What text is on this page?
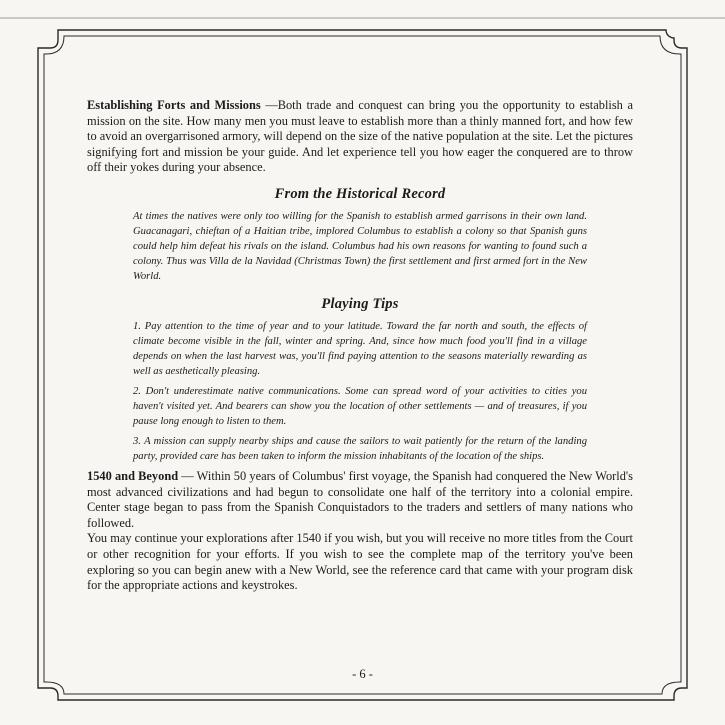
Establishing Forts and Missions —Both trade and conquest can bring you the opportunity to establish a mission on the site. How many men you must leave to establish more than a thinly manned fort, and how few to avoid an overgarrisoned armory, will depend on the size of the native population at the site. Let the pictures signifying fort and mission be your guide. And let experience tell you how eager the conquered are to throw off their yokes during your absence.

From the Historical Record

At times the natives were only too willing for the Spanish to establish armed garrisons in their own land. Guacanagari, chieftan of a Haitian tribe, implored Columbus to establish a colony so that Spanish guns could help him defeat his rivals on the island. Columbus had his own reasons for wanting to found such a colony. Thus was Villa de la Navidad (Christmas Town) the first settlement and first armed fort in the New World.

Playing Tips

1. Pay attention to the time of year and to your latitude. Toward the far north and south, the effects of climate become visible in the fall, winter and spring. And, since how much food you'll find in a village depends on when the last harvest was, you'll find paying attention to the seasons materially rewarding as well as aesthetically pleasing.

2. Don't underestimate native communications. Some can spread word of your activities to cities you haven't visited yet. And bearers can show you the location of other settlements — and of treasures, if you pause long enough to listen to them.

3. A mission can supply nearby ships and cause the sailors to wait patiently for the return of the landing party, provided care has been taken to inform the mission inhabitants of the location of the ships.

1540 and Beyond — Within 50 years of Columbus' first voyage, the Spanish had conquered the New World's most advanced civilizations and had begun to consolidate one half of the territory into a colonial empire. Center stage began to pass from the Spanish Conquistadors to the traders and settlers of many nations who followed.

You may continue your explorations after 1540 if you wish, but you will receive no more titles from the Court or other recognition for your efforts. If you wish to see the complete map of the territory you've been exploring so you can begin anew with a New World, see the reference card that came with your program disk for the appropriate actions and keystrokes.

- 6 -
